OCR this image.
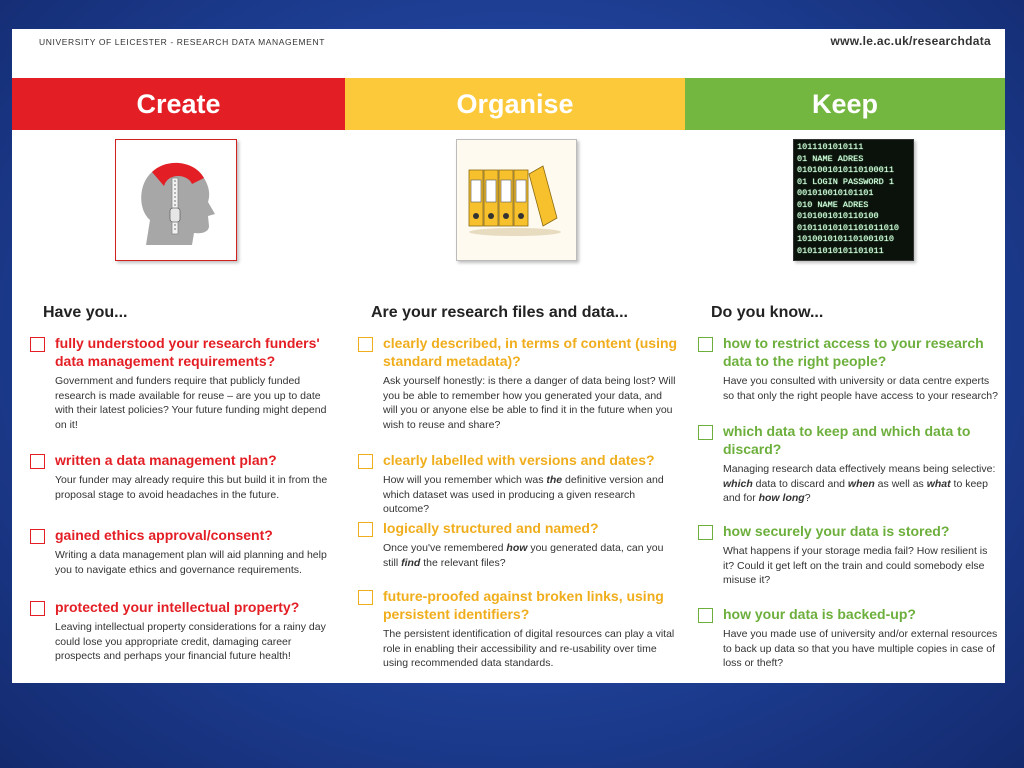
UNIVERSITY OF LEICESTER - RESEARCH DATA MANAGEMENT	www.le.ac.uk/researchdata
Create	Organise	Keep
1011101010111
01 NAME ADRES
0101001010110100011
01 LOGIN PASSWORD 1
001010010101101
010 NAME ADRES
0101001010110100
01011010101101011010
1010010101101001010
01011010101101011
Have you...
fully understood your research funders' data management requirements?
Government and funders require that publicly funded research is made available for reuse – are you up to date with their latest policies? Your future funding might depend on it!
written a data management plan?
Your funder may already require this but build it in from the proposal stage to avoid headaches in the future.
gained ethics approval/consent?
Writing a data management plan will aid planning and help you to navigate ethics and governance requirements.
protected your intellectual property?
Leaving intellectual property considerations for a rainy day could lose you appropriate credit, damaging career prospects and perhaps your financial future health!
Are your research files and data...
clearly described, in terms of content (using standard metadata)?
Ask yourself honestly: is there a danger of data being lost? Will you be able to remember how you generated your data, and will you or anyone else be able to find it in the future when you wish to reuse and share?
clearly labelled with versions and dates?
How will you remember which was the definitive version and which dataset was used in producing a given research outcome?
logically structured and named?
Once you've remembered how you generated data, can you still find the relevant files?
future-proofed against broken links, using persistent identifiers?
The persistent identification of digital resources can play a vital role in enabling their accessibility and re-usability over time using recommended data standards.
Do you know...
how to restrict access to your research data to the right people?
Have you consulted with university or data centre experts so that only the right people have access to your research?
which data to keep and which data to discard?
Managing research data effectively means being selective: which data to discard and when as well as what to keep and for how long?
how securely your data is stored?
What happens if your storage media fail? How resilient is it? Could it get left on the train and could somebody else misuse it?
how your data is backed-up?
Have you made use of university and/or external resources to back up data so that you have multiple copies in case of loss or theft?
